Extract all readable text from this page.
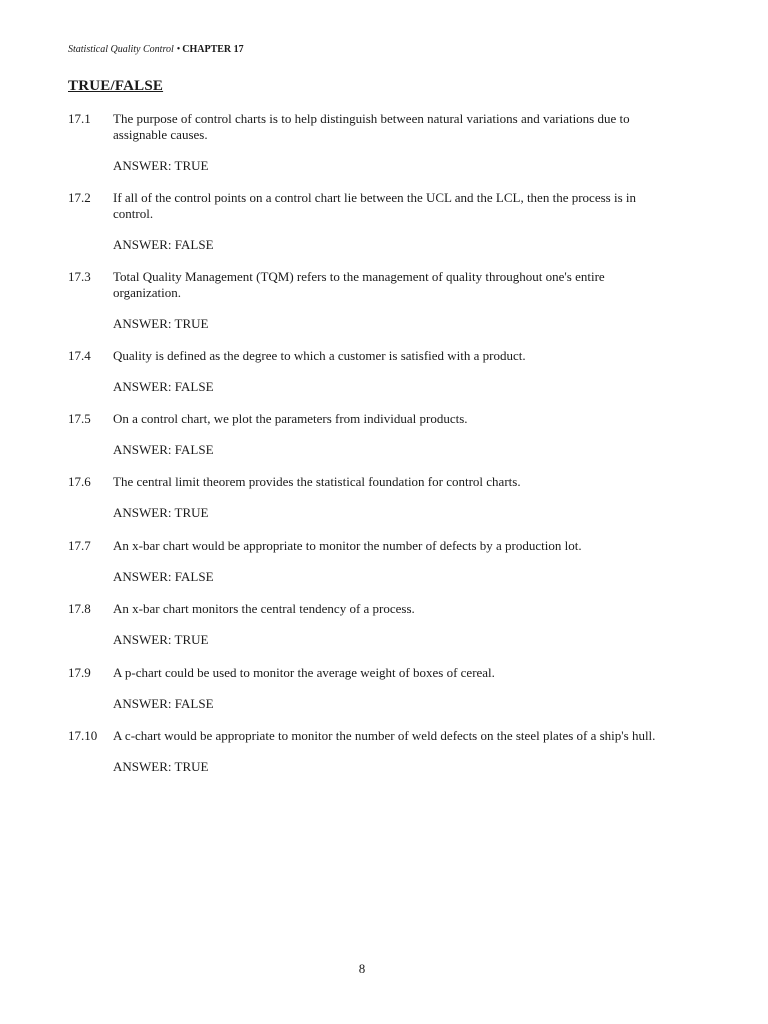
Statistical Quality Control • CHAPTER 17
TRUE/FALSE
17.1 The purpose of control charts is to help distinguish between natural variations and variations due to assignable causes.
ANSWER: TRUE
17.2 If all of the control points on a control chart lie between the UCL and the LCL, then the process is in control.
ANSWER: FALSE
17.3 Total Quality Management (TQM) refers to the management of quality throughout one's entire organization.
ANSWER: TRUE
17.4 Quality is defined as the degree to which a customer is satisfied with a product.
ANSWER: FALSE
17.5 On a control chart, we plot the parameters from individual products.
ANSWER: FALSE
17.6 The central limit theorem provides the statistical foundation for control charts.
ANSWER: TRUE
17.7 An x-bar chart would be appropriate to monitor the number of defects by a production lot.
ANSWER: FALSE
17.8 An x-bar chart monitors the central tendency of a process.
ANSWER: TRUE
17.9 A p-chart could be used to monitor the average weight of boxes of cereal.
ANSWER: FALSE
17.10 A c-chart would be appropriate to monitor the number of weld defects on the steel plates of a ship's hull.
ANSWER: TRUE
8
